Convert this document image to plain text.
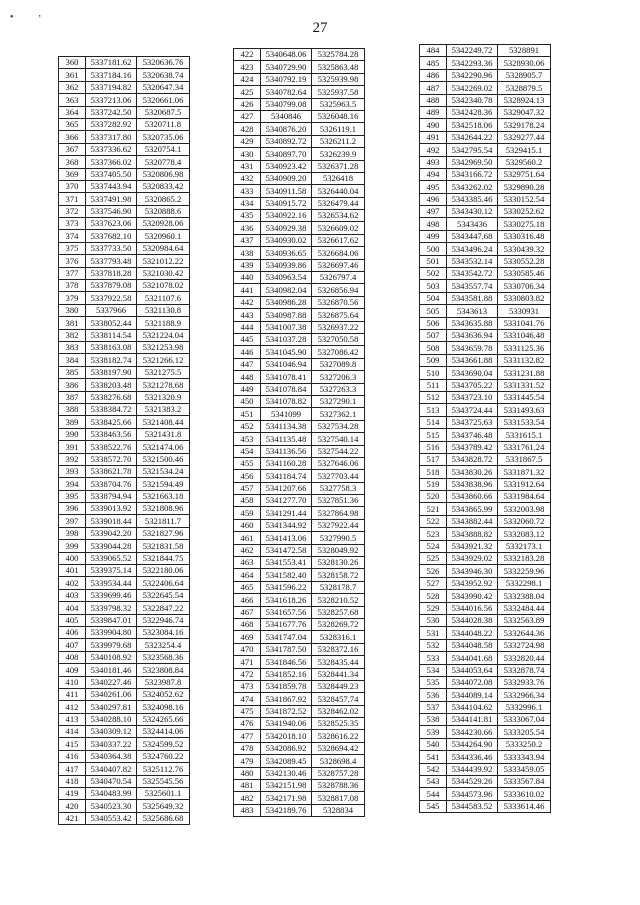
• ʼ
27
360	5337181.62	5320636.76
361	5337184.16	5320638.74
362	5337194.82	5320647.34
363	5337213.06	5320661.06
364	5337242.50	5320687.5
365	5337282.92	5320711.8
366	5337317.80	5320735.06
367	5337336.62	5320754.1
368	5337366.02	5320778.4
369	5337405.50	5320806.98
370	5337443.94	5320833.42
371	5337491.98	5320865.2
372	5337546.90	5320888.6
373	5337623.06	5320928.06
374	5337682.10	5320960.1
375	5337733.50	5320984.64
376	5337793.48	5321012.22
377	5337818.28	5321030.42
378	5337879.08	5321078.02
379	5337922.58	5321107.6
380	5337966	5321130.8
381	5338052.44	5321188.9
382	5338114.54	5321224.04
383	5338163.08	5321253.98
384	5338182.74	5321266.12
385	5338197.90	5321275.5
386	5338203.48	5321278.68
387	5338276.68	5321320.9
388	5338384.72	5321383.2
389	5338425.66	5321408.44
390	5338463.56	5321431.8
391	5338522.76	5321474.06
392	5338572.70	5321500.46
393	5338621.78	5321534.24
394	5338704.76	5321594.49
395	5338794.94	5321663.18
396	5339013.92	5321808.96
397	5339018.44	5321811.7
398	5339042.20	5321827.96
399	5339044.28	5321831.58
400	5339065.52	5321844.75
401	5339375.14	5322180.06
402	5339534.44	5322406.64
403	5339699.46	5322645.54
404	5339798.32	5322847.22
405	5339847.01	5322946.74
406	5339904.80	5323084.16
407	5339979.68	5323254.4
408	5340108.92	5323568.36
409	5340181.46	5323808.84
410	5340227.46	5323987.8
411	5340261.06	5324052.62
412	5340297.81	5324098.16
413	5340288.10	5324265.66
414	5340309.12	5324414.06
415	5340337.22	5324599.52
416	5340364.38	5324760.22
417	5340407.82	5325112.76
418	5340470.54	5325545.56
419	5340483.99	5325601.1
420	5340523.30	5325649.32
421	5340553.42	5325686.68
422	5340648.06	5325784.28
423	5340729.90	5325863.48
424	5340792.19	5325939.98
425	5340782.64	5325937.58
426	5340799.08	5325963.5
427	5340846	5326048.16
428	5340876.20	5326119.1
429	5340892.72	5326211.2
430	5340897.70	5326239.9
431	5340923.42	5326371.28
432	5340909.20	5326418
433	5340911.58	5326440.04
434	5340915.72	5326479.44
435	5340922.16	5326534.62
436	5340929.38	5326609.02
437	5340930.02	5326617.62
438	5340936.65	5326684.06
439	5340939.86	5326697.46
440	5340963.54	5326797.4
441	5340982.04	5326856.94
442	5340986.28	5326870.56
443	5340987.88	5326875.64
444	5341007.38	5326937.22
445	5341037.28	5327050.58
446	5341045.90	5327086.42
447	5341046.94	5327089.8
448	5341078.41	5327206.3
449	5341078.84	5327263.3
450	5341078.82	5327290.1
451	5341099	5327362.1
452	5341134.38	5327534.28
453	5341135.48	5327540.14
454	5341136.56	5327544.22
455	5341160.28	5327646.06
456	5341184.74	5327703.44
457	5341207.66	5327758.3
458	5341277.70	5327851.36
459	5341291.44	5327864.98
460	5341344.92	5327922.44
461	5341413.06	5327990.5
462	5341472.58	5328049.92
463	5341553.41	5328130.26
464	5341582.40	5328158.72
465	5341596.22	5328178.7
466	5341618.26	5328210.52
467	5341657.56	5328257.68
468	5341677.76	5328269.72
469	5341747.04	5328316.1
470	5341787.50	5328372.16
471	5341846.56	5328435.44
472	5341852.16	5328441.34
473	5341859.78	5328449.23
474	5341867.92	5328457.74
475	5341872.52	5328462.02
476	5341940.06	5328525.35
477	5342018.10	5328616.22
478	5342086.92	5328694.42
479	5342089.45	5328698.4
480	5342130.46	5328757.28
481	5342151.98	5328788.36
482	5342171.98	5328817.08
483	5342189.76	5328834
484	5342249.72	5328891
485	5342293.36	5328930.06
486	5342290.96	5328905.7
487	5342269.02	5328879.5
488	5342340.78	5328924.13
489	5342428.36	5329047.32
490	5342518.06	5329178.24
491	5342644.22	5329277.44
492	5342795.54	5329415.1
493	5342969.50	5329560.2
494	5343166.72	5329751.64
495	5343262.02	5329890.28
496	5343385.46	5330152.54
497	5343430.12	5330252.62
498	5343436	5330275.18
499	5343447.68	5330316.48
500	5343496.24	5330439.32
501	5343532.14	5330552.28
502	5343542.72	5330585.46
503	5343557.74	5330706.34
504	5343581.88	5330803.82
505	5343613	5330931
506	5343635.88	5331041.76
507	5343636.94	5331046.48
508	5343659.78	5331125.36
509	5343661.88	5331132.82
510	5343690.04	5331231.88
511	5343705.22	5331331.52
512	5343723.10	5331445.54
513	5343724.44	5331493.63
514	5343725.63	5331533.54
515	5343746.48	5331615.1
516	5343789.42	5331761.24
517	5343828.72	5331867.5
518	5343830.26	5331871.32
519	5343838.96	5331912.64
520	5343860.66	5331984.64
521	5343865.99	5332003.98
522	5343882.44	5332060.72
523	5343888.82	5332083.12
524	5343921.32	5332173.1
525	5343929.02	5332183.28
526	5343946.30	5332259.96
527	5343952.92	5332298.1
528	5343990.42	5332388.04
529	5344016.56	5332484.44
530	5344028.38	5332563.89
531	5344048.22	5332644.36
532	5344048.58	5332724.98
533	5344041.68	5332820.44
534	5344053.64	5332878.74
535	5344072.08	5332933.76
536	5344089.14	5332966.34
537	5344104.62	5332996.1
538	5344141.81	5333067.04
539	5344230.66	5333205.54
540	5344264.90	5333250.2
541	5344336.46	5333343.94
542	5344439.92	5333459.05
543	5344529.26	5333567.84
544	5344573.96	5333610.02
545	5344583.52	5333614.46
